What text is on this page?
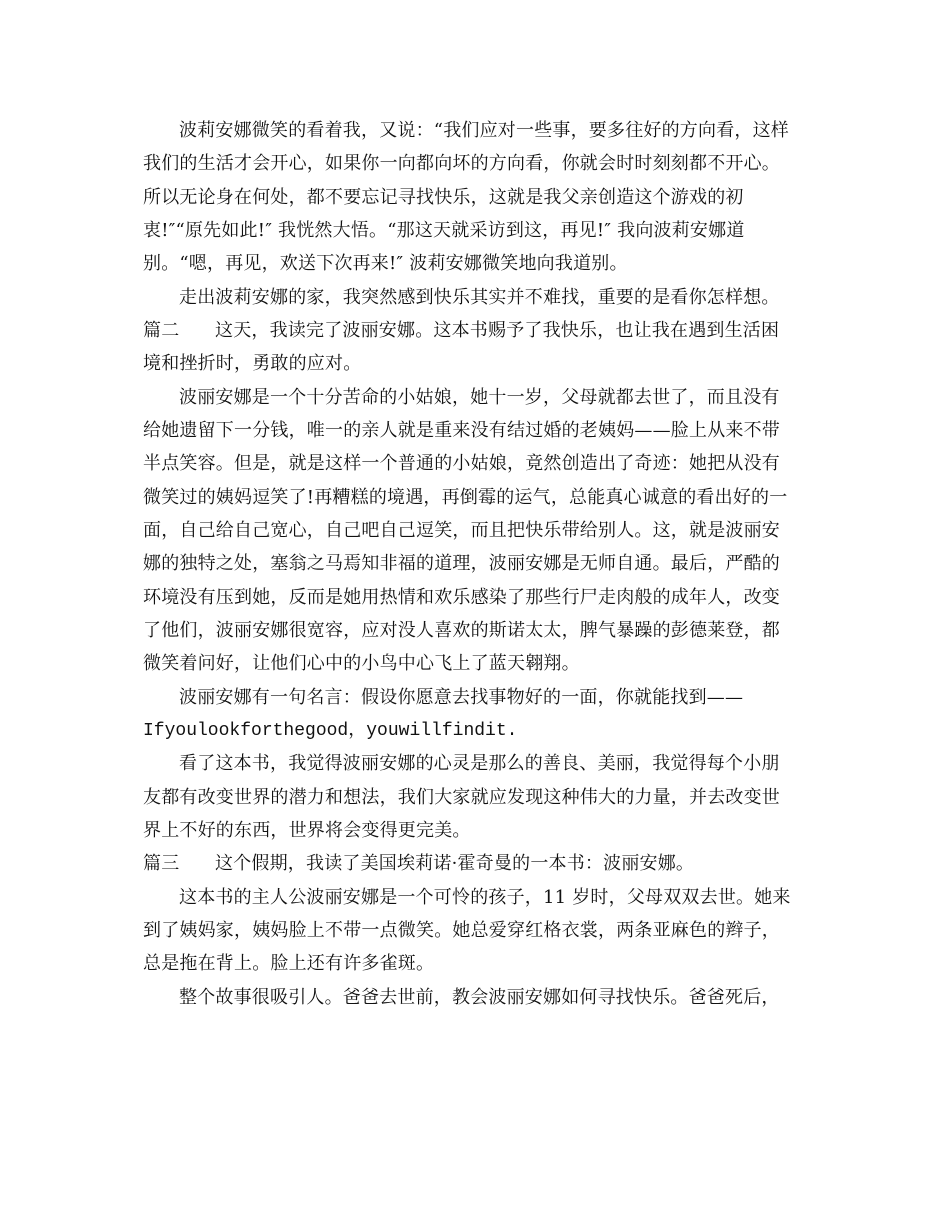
波莉安娜微笑的看着我，又说：“我们应对一些事，要多往好的方向看，这样
我们的生活才会开心，如果你一向都向坏的方向看，你就会时时刻刻都不开心。
所以无论身在何处，都不要忘记寻找快乐，这就是我父亲创造这个游戏的初
衷!″“原先如此!″ 我恍然大悟。“那这天就采访到这，再见!″ 我向波莉安娜道
别。“嗯，再见，欢送下次再来!″ 波莉安娜微笑地向我道别。
走出波莉安娜的家，我突然感到快乐其实并不难找，重要的是看你怎样想。
篇二 这天，我读完了波丽安娜。这本书赐予了我快乐，也让我在遇到生活困
境和挫折时，勇敢的应对。
波丽安娜是一个十分苦命的小姑娘，她十一岁，父母就都去世了，而且没有
给她遗留下一分钱，唯一的亲人就是重来没有结过婚的老姨妈——脸上从来不带
半点笑容。但是，就是这样一个普通的小姑娘，竟然创造出了奇迹：她把从没有
微笑过的姨妈逗笑了!再糟糕的境遇，再倒霉的运气，总能真心诚意的看出好的一
面，自己给自己宽心，自己吧自己逗笑，而且把快乐带给别人。这，就是波丽安
娜的独特之处，塞翁之马焉知非福的道理，波丽安娜是无师自通。最后，严酷的
环境没有压到她，反而是她用热情和欢乐感染了那些行尸走肉般的成年人，改变
了他们，波丽安娜很宽容，应对没人喜欢的斯诺太太，脾气暴躁的彭德莱登，都
微笑着问好，让他们心中的小鸟中心飞上了蓝天翱翔。
波丽安娜有一句名言：假设你愿意去找事物好的一面，你就能找到——
Ifyoulookforthegood，youwillfindit.
看了这本书，我觉得波丽安娜的心灵是那么的善良、美丽，我觉得每个小朋
友都有改变世界的潜力和想法，我们大家就应发现这种伟大的力量，并去改变世
界上不好的东西，世界将会变得更完美。
篇三 这个假期，我读了美国埃莉诺·霍奇曼的一本书：波丽安娜。
这本书的主人公波丽安娜是一个可怜的孩子，11 岁时，父母双双去世。她来
到了姨妈家，姨妈脸上不带一点微笑。她总爱穿红格衣裳，两条亚麻色的辫子，
总是拖在背上。脸上还有许多雀斑。
整个故事很吸引人。爸爸去世前，教会波丽安娜如何寻找快乐。爸爸死后，
